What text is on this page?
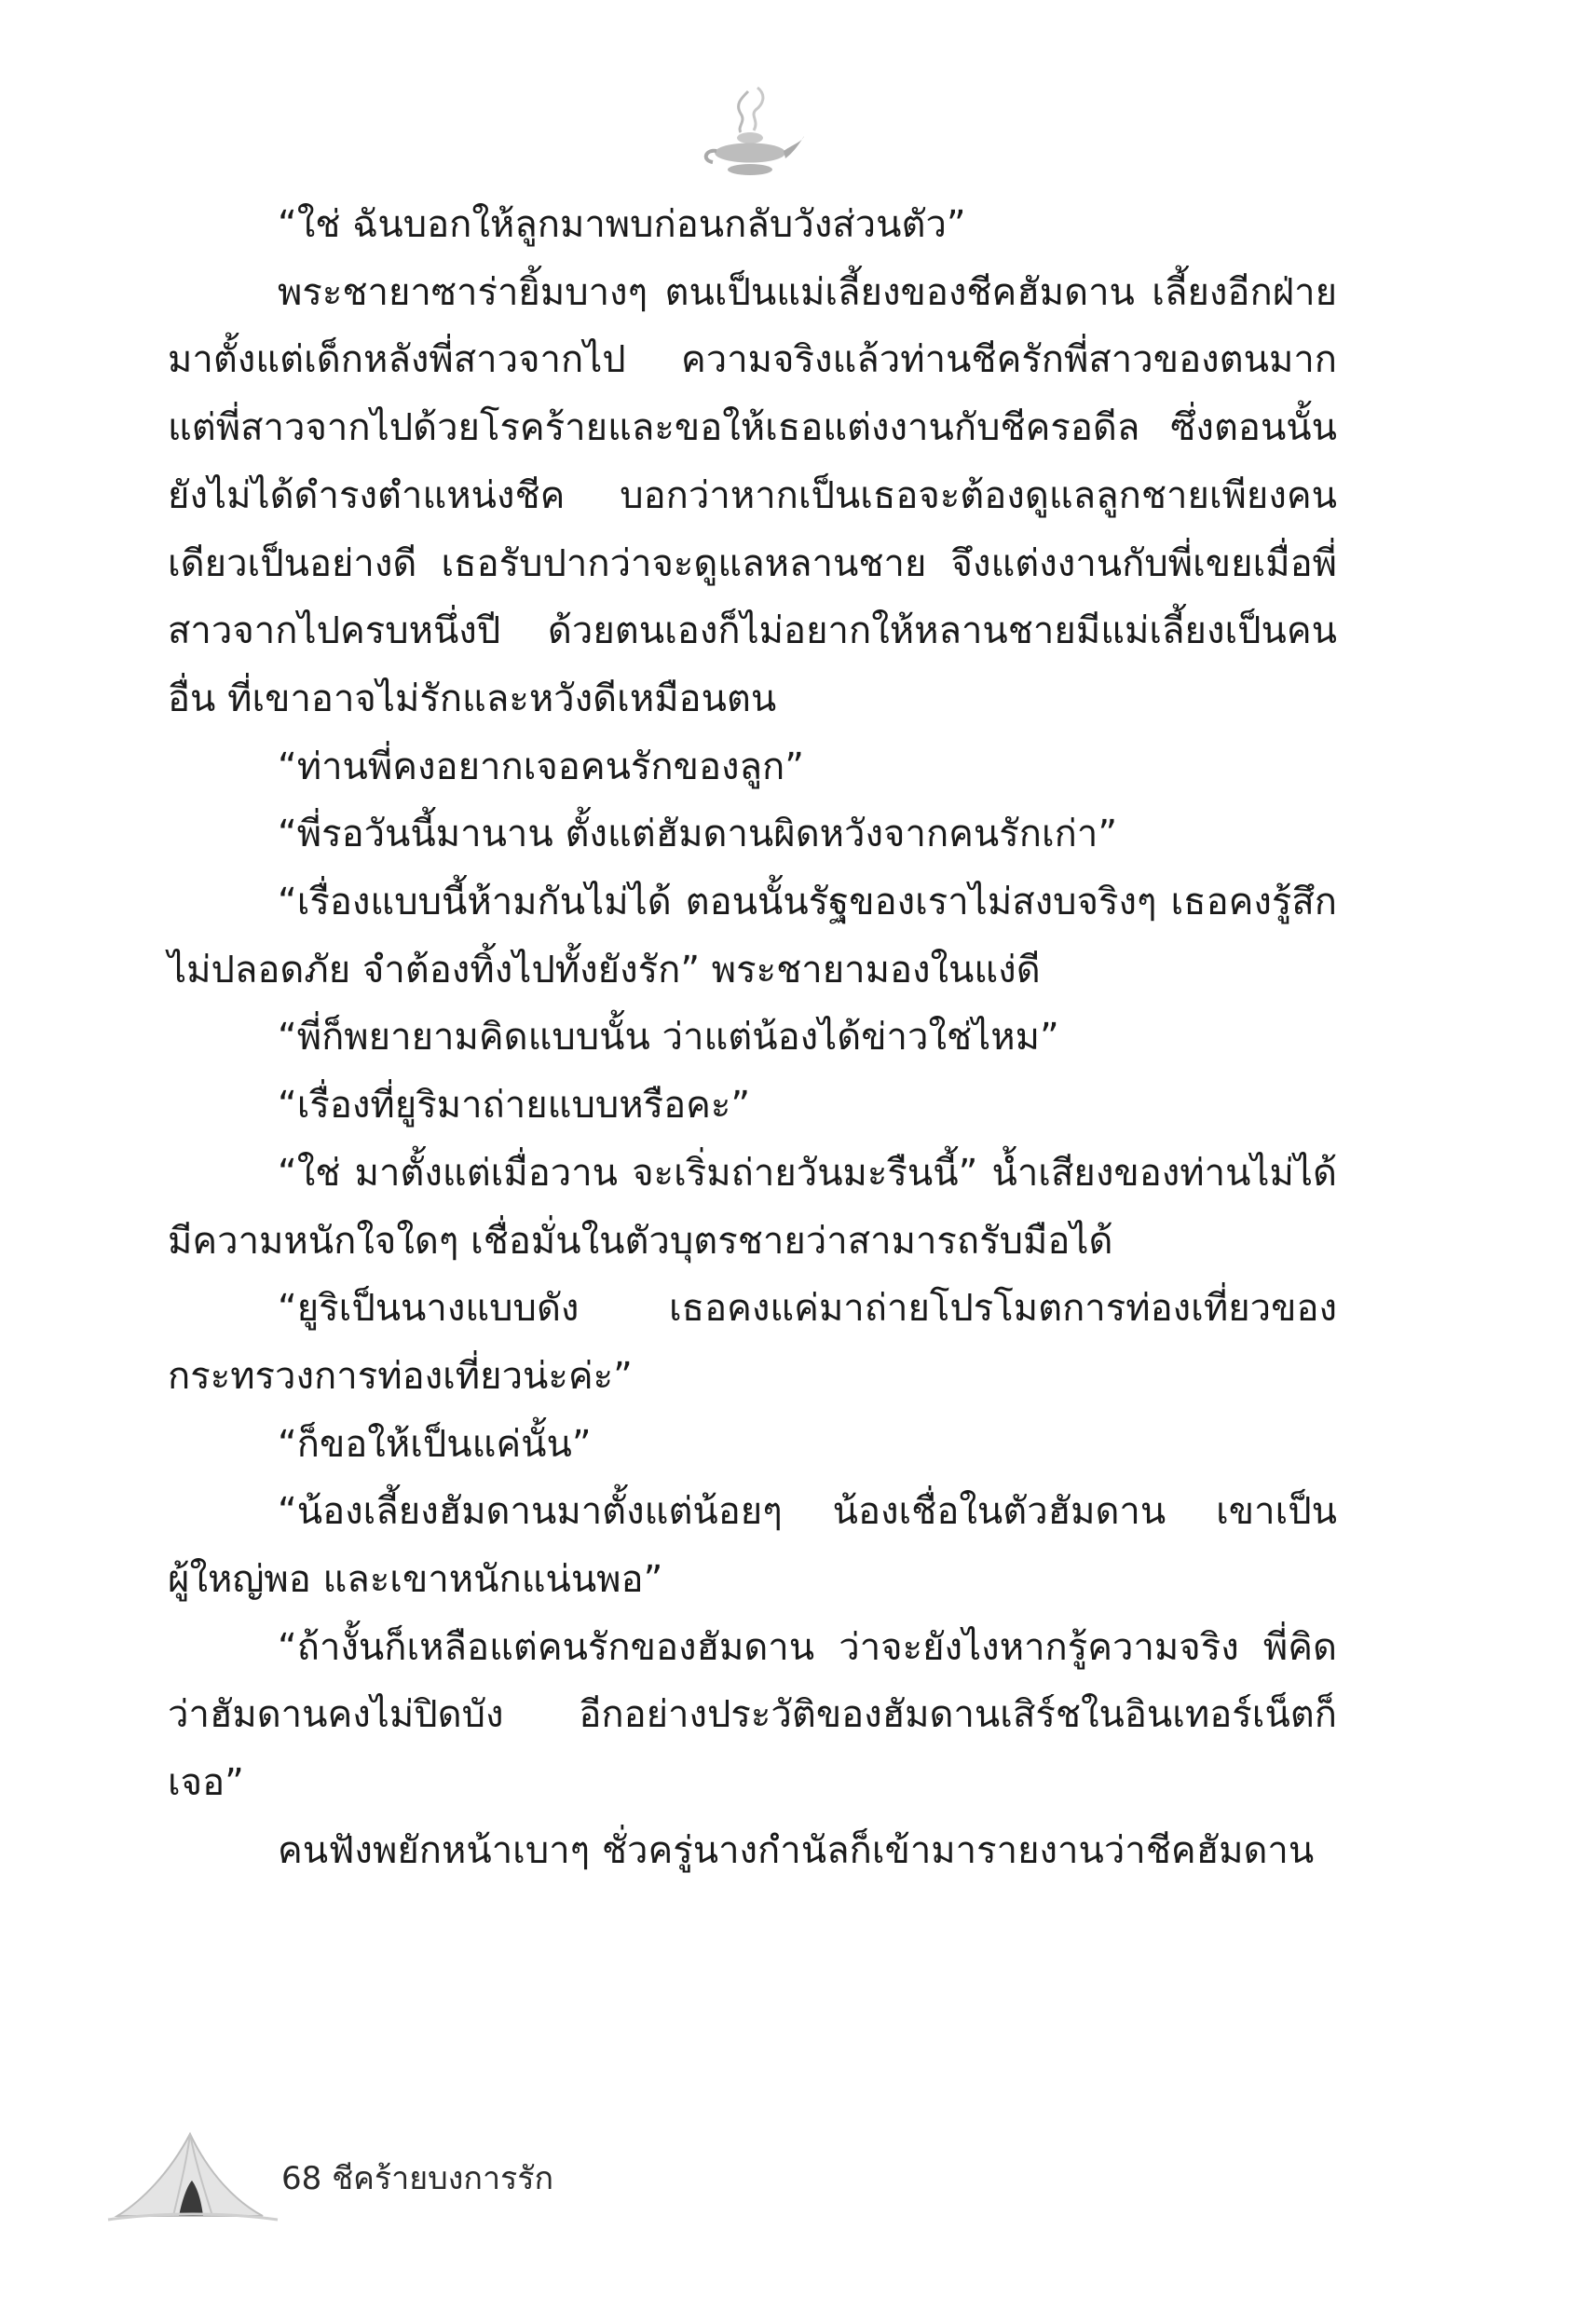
“ใช่ ฉันบอกให้ลูกมาพบก่อนกลับวังส่วนตัว”

พระชายาซาร่ายิ้มบางๆ ตนเป็นแม่เลี้ยงของชีคฮัมดาน เลี้ยงอีกฝ่ายมาตั้งแต่เด็กหลังพี่สาวจากไป ความจริงแล้วท่านชีครักพี่สาวของตนมาก แต่พี่สาวจากไปด้วยโรคร้ายและขอให้เธอแต่งงานกับชีครอดีล ซึ่งตอนนั้นยังไม่ได้ดำรงตำแหน่งชีค บอกว่าหากเป็นเธอจะต้องดูแลลูกชายเพียงคนเดียวเป็นอย่างดี เธอรับปากว่าจะดูแลหลานชาย จึงแต่งงานกับพี่เขยเมื่อพี่สาวจากไปครบหนึ่งปี ด้วยตนเองก็ไม่อยากให้หลานชายมีแม่เลี้ยงเป็นคนอื่น ที่เขาอาจไม่รักและหวังดีเหมือนตน

“ท่านพี่คงอยากเจอคนรักของลูก”

“พี่รอวันนี้มานาน ตั้งแต่ฮัมดานผิดหวังจากคนรักเก่า”

“เรื่องแบบนี้ห้ามกันไม่ได้ ตอนนั้นรัฐของเราไม่สงบจริงๆ เธอคงรู้สึกไม่ปลอดภัย จำต้องทิ้งไปทั้งยังรัก” พระชายามองในแง่ดี

“พี่ก็พยายามคิดแบบนั้น ว่าแต่น้องได้ข่าวใช่ไหม”

“เรื่องที่ยูริมาถ่ายแบบหรือคะ”

“ใช่ มาตั้งแต่เมื่อวาน จะเริ่มถ่ายวันมะรืนนี้” น้ำเสียงของท่านไม่ได้มีความหนักใจใดๆ เชื่อมั่นในตัวบุตรชายว่าสามารถรับมือได้

“ยูริเป็นนางแบบดัง เธอคงแค่มาถ่ายโปรโมตการท่องเที่ยวของกระทรวงการท่องเที่ยวน่ะค่ะ”

“ก็ขอให้เป็นแค่นั้น”

“น้องเลี้ยงฮัมดานมาตั้งแต่น้อยๆ น้องเชื่อในตัวฮัมดาน เขาเป็นผู้ใหญ่พอ และเขาหนักแน่นพอ”

“ถ้างั้นก็เหลือแต่คนรักของฮัมดาน ว่าจะยังไงหากรู้ความจริง พี่คิดว่าฮัมดานคงไม่ปิดบัง อีกอย่างประวัติของฮัมดานเสิร์ชในอินเทอร์เน็ตก็เจอ”

คนฟังพยักหน้าเบาๆ ชั่วครู่นางกำนัลก็เข้ามารายงานว่าชีคฮัมดาน

68 ชีคร้ายบงการรัก
